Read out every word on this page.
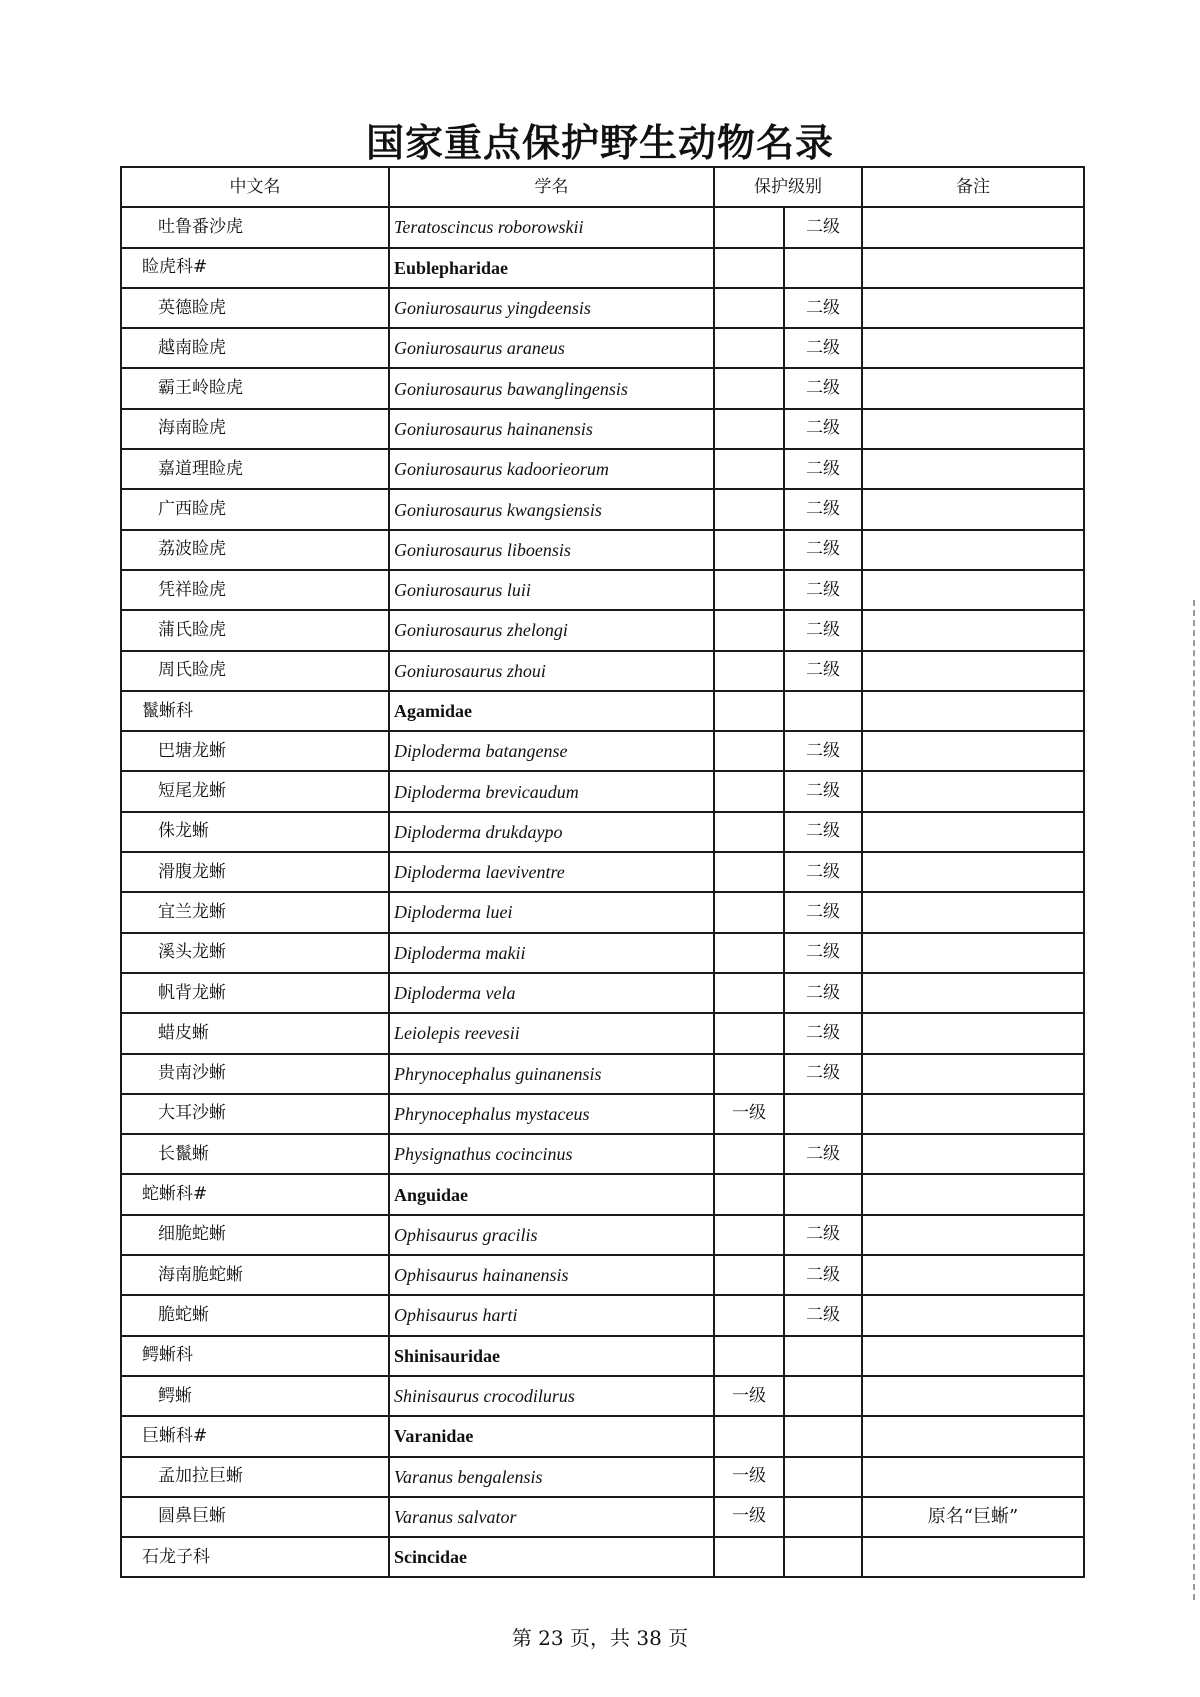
国家重点保护野生动物名录
中文名	学名	保护级别		备注
吐鲁番沙虎	Teratoscincus roborowskii		二级	
睑虎科#	Eublepharidae			
英德睑虎	Goniurosaurus yingdeensis		二级	
越南睑虎	Goniurosaurus araneus		二级	
霸王岭睑虎	Goniurosaurus bawanglingensis		二级	
海南睑虎	Goniurosaurus hainanensis		二级	
嘉道理睑虎	Goniurosaurus kadoorieorum		二级	
广西睑虎	Goniurosaurus kwangsiensis		二级	
荔波睑虎	Goniurosaurus liboensis		二级	
凭祥睑虎	Goniurosaurus luii		二级	
蒲氏睑虎	Goniurosaurus zhelongi		二级	
周氏睑虎	Goniurosaurus zhoui		二级	
鬣蜥科	Agamidae			
巴塘龙蜥	Diploderma batangense		二级	
短尾龙蜥	Diploderma brevicaudum		二级	
侏龙蜥	Diploderma drukdaypo		二级	
滑腹龙蜥	Diploderma laeviventre		二级	
宜兰龙蜥	Diploderma luei		二级	
溪头龙蜥	Diploderma makii		二级	
帆背龙蜥	Diploderma vela		二级	
蜡皮蜥	Leiolepis reevesii		二级	
贵南沙蜥	Phrynocephalus guinanensis		二级	
大耳沙蜥	Phrynocephalus mystaceus	一级		
长鬣蜥	Physignathus cocincinus		二级	
蛇蜥科#	Anguidae			
细脆蛇蜥	Ophisaurus gracilis		二级	
海南脆蛇蜥	Ophisaurus hainanensis		二级	
脆蛇蜥	Ophisaurus harti		二级	
鳄蜥科	Shinisauridae			
鳄蜥	Shinisaurus crocodilurus	一级		
巨蜥科#	Varanidae			
孟加拉巨蜥	Varanus bengalensis	一级		
圆鼻巨蜥	Varanus salvator	一级		原名“巨蜥”
石龙子科	Scincidae			
第 23 页，共 38 页
